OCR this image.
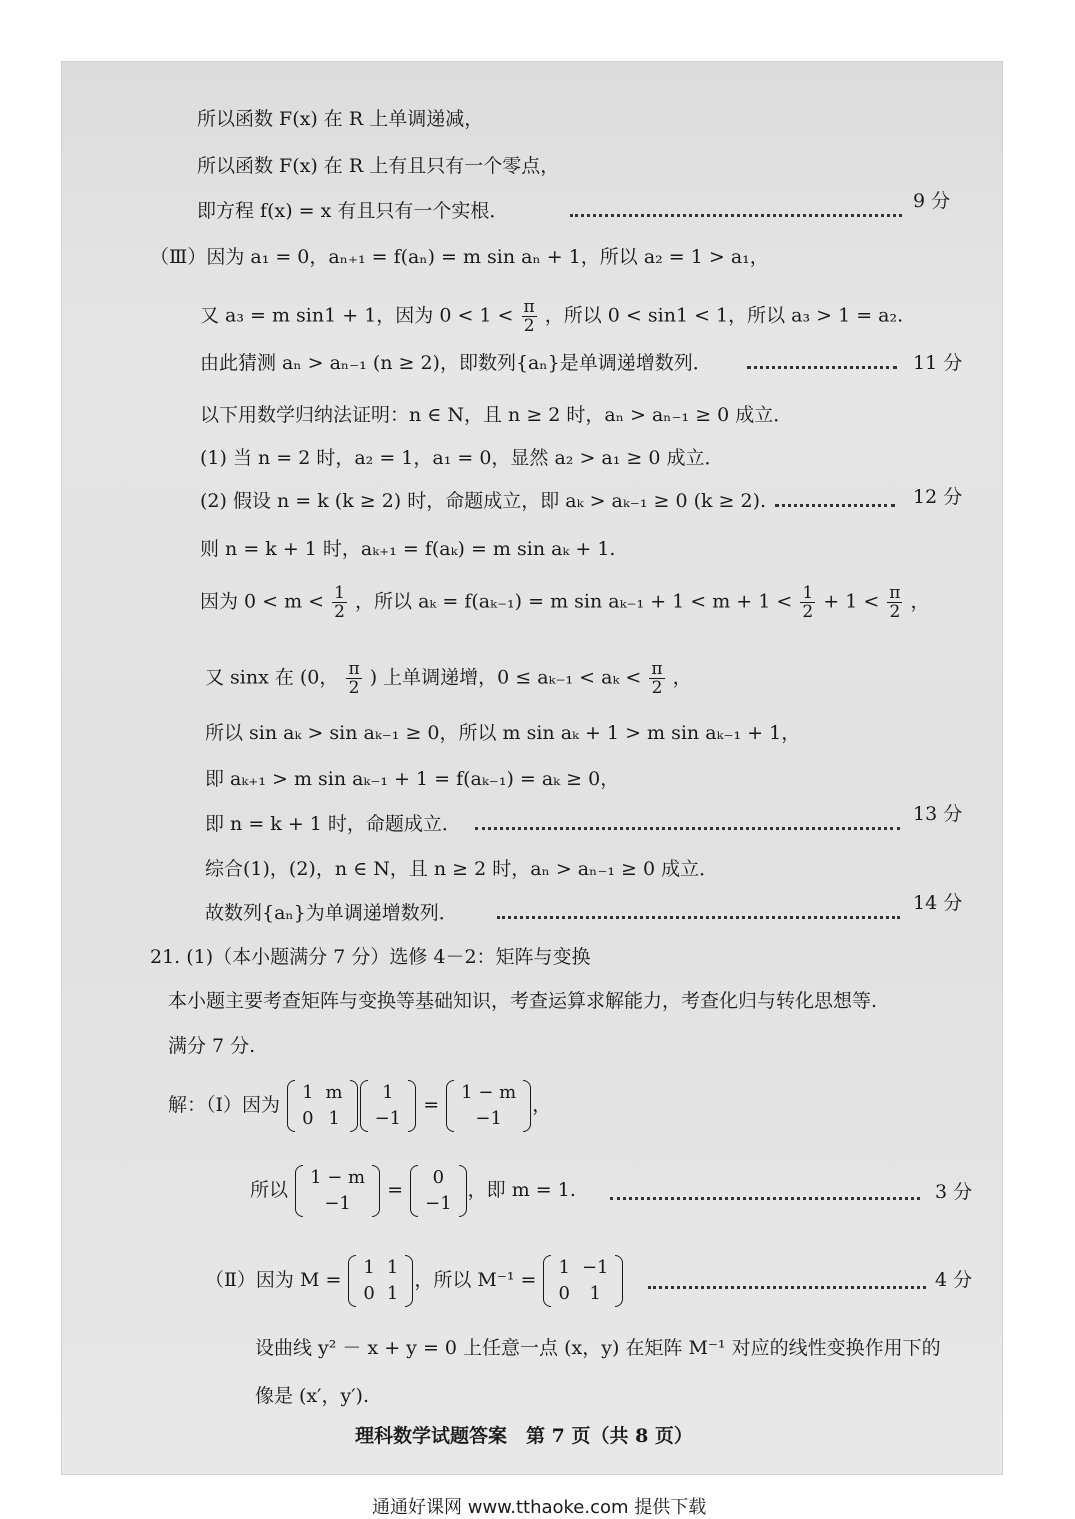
所以函数 F(x) 在 R 上单调递减，
所以函数 F(x) 在 R 上有且只有一个零点，
即方程 f(x) = x 有且只有一个实根．	9 分
（Ⅲ）因为 a₁ = 0，aₙ₊₁ = f(aₙ) = m sin aₙ + 1，所以 a₂ = 1 > a₁，
又 a₃ = m sin1 + 1，因为 $0 < 1 < \frac{\pi}{2}$ ，所以 0 < sin1 < 1，所以 a₃ > 1 = a₂.
由此猜测 aₙ > aₙ₋₁ (n ≥ 2)，即数列{aₙ}是单调递增数列．	11 分
以下用数学归纳法证明：n ∈ N，且 n ≥ 2 时，aₙ > aₙ₋₁ ≥ 0 成立．
(1) 当 n = 2 时，a₂ = 1，a₁ = 0，显然 a₂ > a₁ ≥ 0 成立．
(2) 假设 n = k (k ≥ 2) 时，命题成立，即 aₖ > aₖ₋₁ ≥ 0 (k ≥ 2).	12 分
则 n = k + 1 时，aₖ₊₁ = f(aₖ) = m sin aₖ + 1.
因为 $0 < m < \frac{1}{2}$ ，所以 aₖ = f(aₖ₋₁) = m $\sin a_{k-1} + 1 < m + 1 < \frac{1}{2} + 1 < \frac{\pi}{2}$ ，
又 sinx 在 (0， $\frac{\pi}{2}$ ) 上单调递增，$0 \le a_{k-1} < a_k < \frac{\pi}{2}$ ，
所以 sin aₖ > sin aₖ₋₁ ≥ 0，所以 m sin aₖ + 1 > m sin aₖ₋₁ + 1，
即 aₖ₊₁ > m sin aₖ₋₁ + 1 = f(aₖ₋₁) = aₖ ≥ 0，
即 n = k + 1 时，命题成立．	13 分
综合(1)，(2)，n ∈ N，且 n ≥ 2 时，aₙ > aₙ₋₁ ≥ 0 成立．
故数列{aₙ}为单调递增数列．	14 分
21. (1)（本小题满分 7 分）选修 4－2：矩阵与变换
本小题主要考查矩阵与变换等基础知识，考查运算求解能力，考查化归与转化思想等.
满分 7 分.
解：（Ⅰ）因为
1	m
0	1
1
−1
=
1 − m
−1
，
所以
1 − m
−1
=
0
−1
，即 m = 1.	3 分
（Ⅱ）因为 M =
1	1
0	1
，所以 M⁻¹ =
1	−1
0	1
4 分
设曲线 y² － x + y = 0 上任意一点 (x，y) 在矩阵 M⁻¹ 对应的线性变换作用下的
像是 (x′，y′).
理科数学试题答案　第 7 页（共 8 页）
通通好课网 www.tthaoke.com 提供下载
